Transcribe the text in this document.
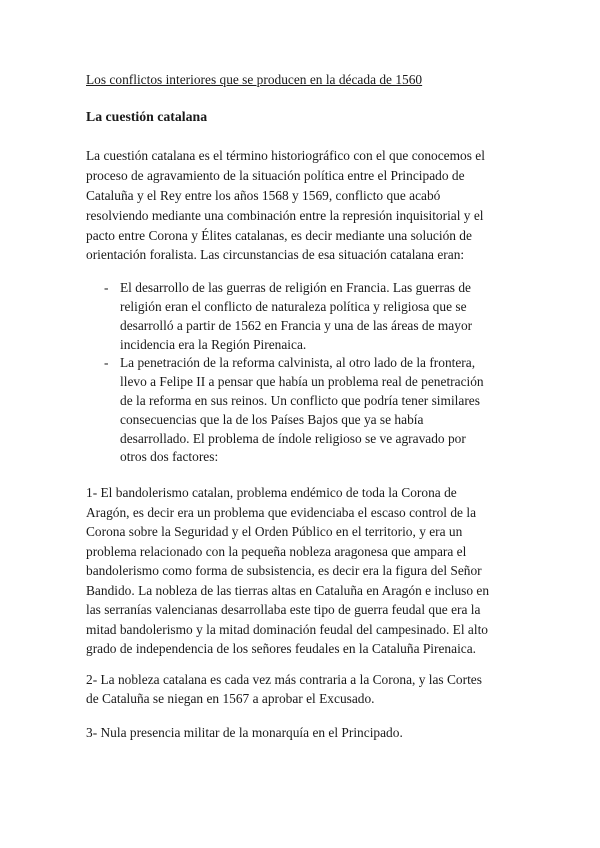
Los conflictos interiores que se producen en la década de 1560
La cuestión catalana
La cuestión catalana es el término historiográfico con el que conocemos el
proceso de agravamiento de la situación política entre el Principado de
Cataluña y el Rey entre los años 1568 y 1569, conflicto que acabó
resolviendo mediante una combinación entre la represión inquisitorial y el
pacto entre Corona y Élites catalanas, es decir mediante una solución de
orientación foralista. Las circunstancias de esa situación catalana eran:
- El desarrollo de las guerras de religión en Francia. Las guerras de
religión eran el conflicto de naturaleza política y religiosa que se
desarrolló a partir de 1562 en Francia y una de las áreas de mayor
incidencia era la Región Pirenaica.
- La penetración de la reforma calvinista, al otro lado de la frontera,
llevo a Felipe II a pensar que había un problema real de penetración
de la reforma en sus reinos. Un conflicto que podría tener similares
consecuencias que la de los Países Bajos que ya se había
desarrollado. El problema de índole religioso se ve agravado por
otros dos factores:
1- El bandolerismo catalan, problema endémico de toda la Corona de
Aragón, es decir era un problema que evidenciaba el escaso control de la
Corona sobre la Seguridad y el Orden Público en el territorio, y era un
problema relacionado con la pequeña nobleza aragonesa que ampara el
bandolerismo como forma de subsistencia, es decir era la figura del Señor
Bandido. La nobleza de las tierras altas en Cataluña en Aragón e incluso en
las serranías valencianas desarrollaba este tipo de guerra feudal que era la
mitad bandolerismo y la mitad dominación feudal del campesinado. El alto
grado de independencia de los señores feudales en la Cataluña Pirenaica.
2- La nobleza catalana es cada vez más contraria a la Corona, y las Cortes
de Cataluña se niegan en 1567 a aprobar el Excusado.
3- Nula presencia militar de la monarquía en el Principado.
